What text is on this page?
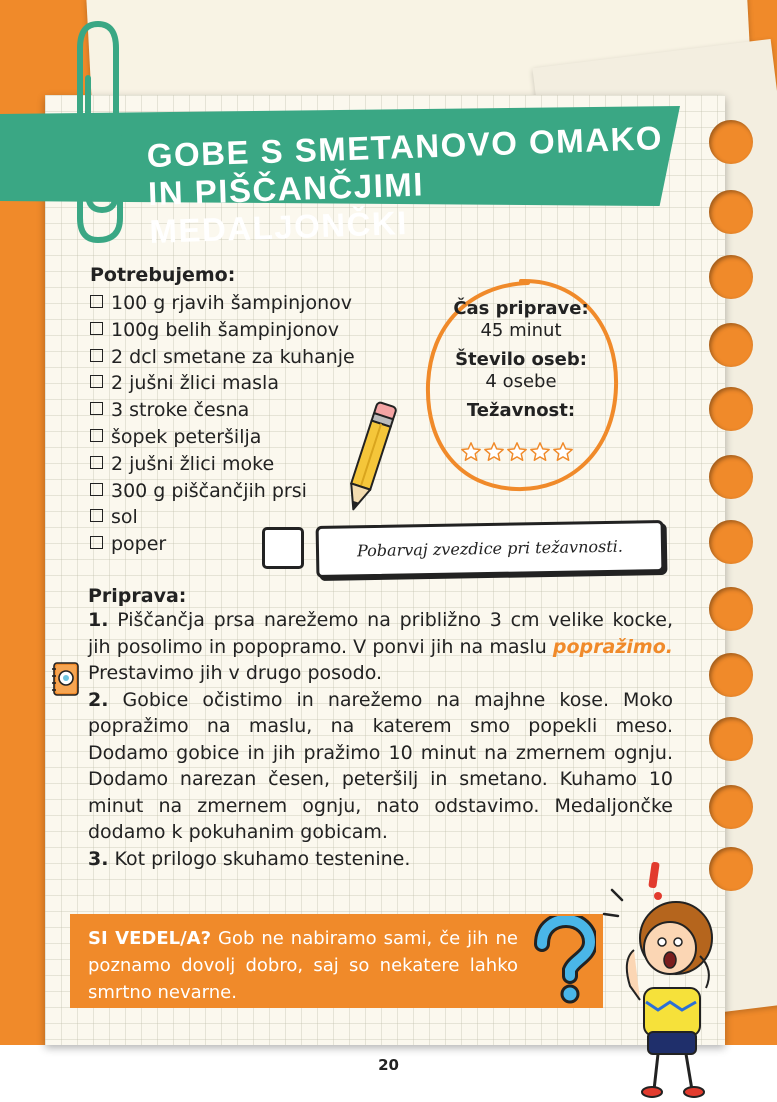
GOBE S SMETANOVO OMAKO
IN PIŠČANČJIMI MEDALJONČKI
Potrebujemo:
100 g rjavih šampinjonov
100g belih šampinjonov
2 dcl smetane za kuhanje
2 jušni žlici masla
3 stroke česna
šopek peteršilja
2 jušni žlici moke
300 g piščančjih prsi
sol
poper
Čas priprave:
45 minut
Število oseb:
4 osebe
Težavnost:
Pobarvaj zvezdice pri težavnosti.
Priprava:

1. Piščančja prsa narežemo na približno 3 cm velike kocke, jih posolimo in popopramo. V ponvi jih na maslu popražimo. Prestavimo jih v drugo posodo.

2. Gobice očistimo in narežemo na majhne kose. Moko popražimo na maslu, na katerem smo popekli meso. Dodamo gobice in jih pražimo 10 minut na zmernem ognju. Dodamo narezan česen, peteršilj in smetano. Kuhamo 10 minut na zmernem ognju, nato odstavimo. Medaljončke dodamo k pokuhanim gobicam.

3. Kot prilogo skuhamo testenine.

SI VEDEL/A? Gob ne nabiramo sami, če jih ne poznamo dovolj dobro, saj so nekatere lahko smrtno nevarne.
20
